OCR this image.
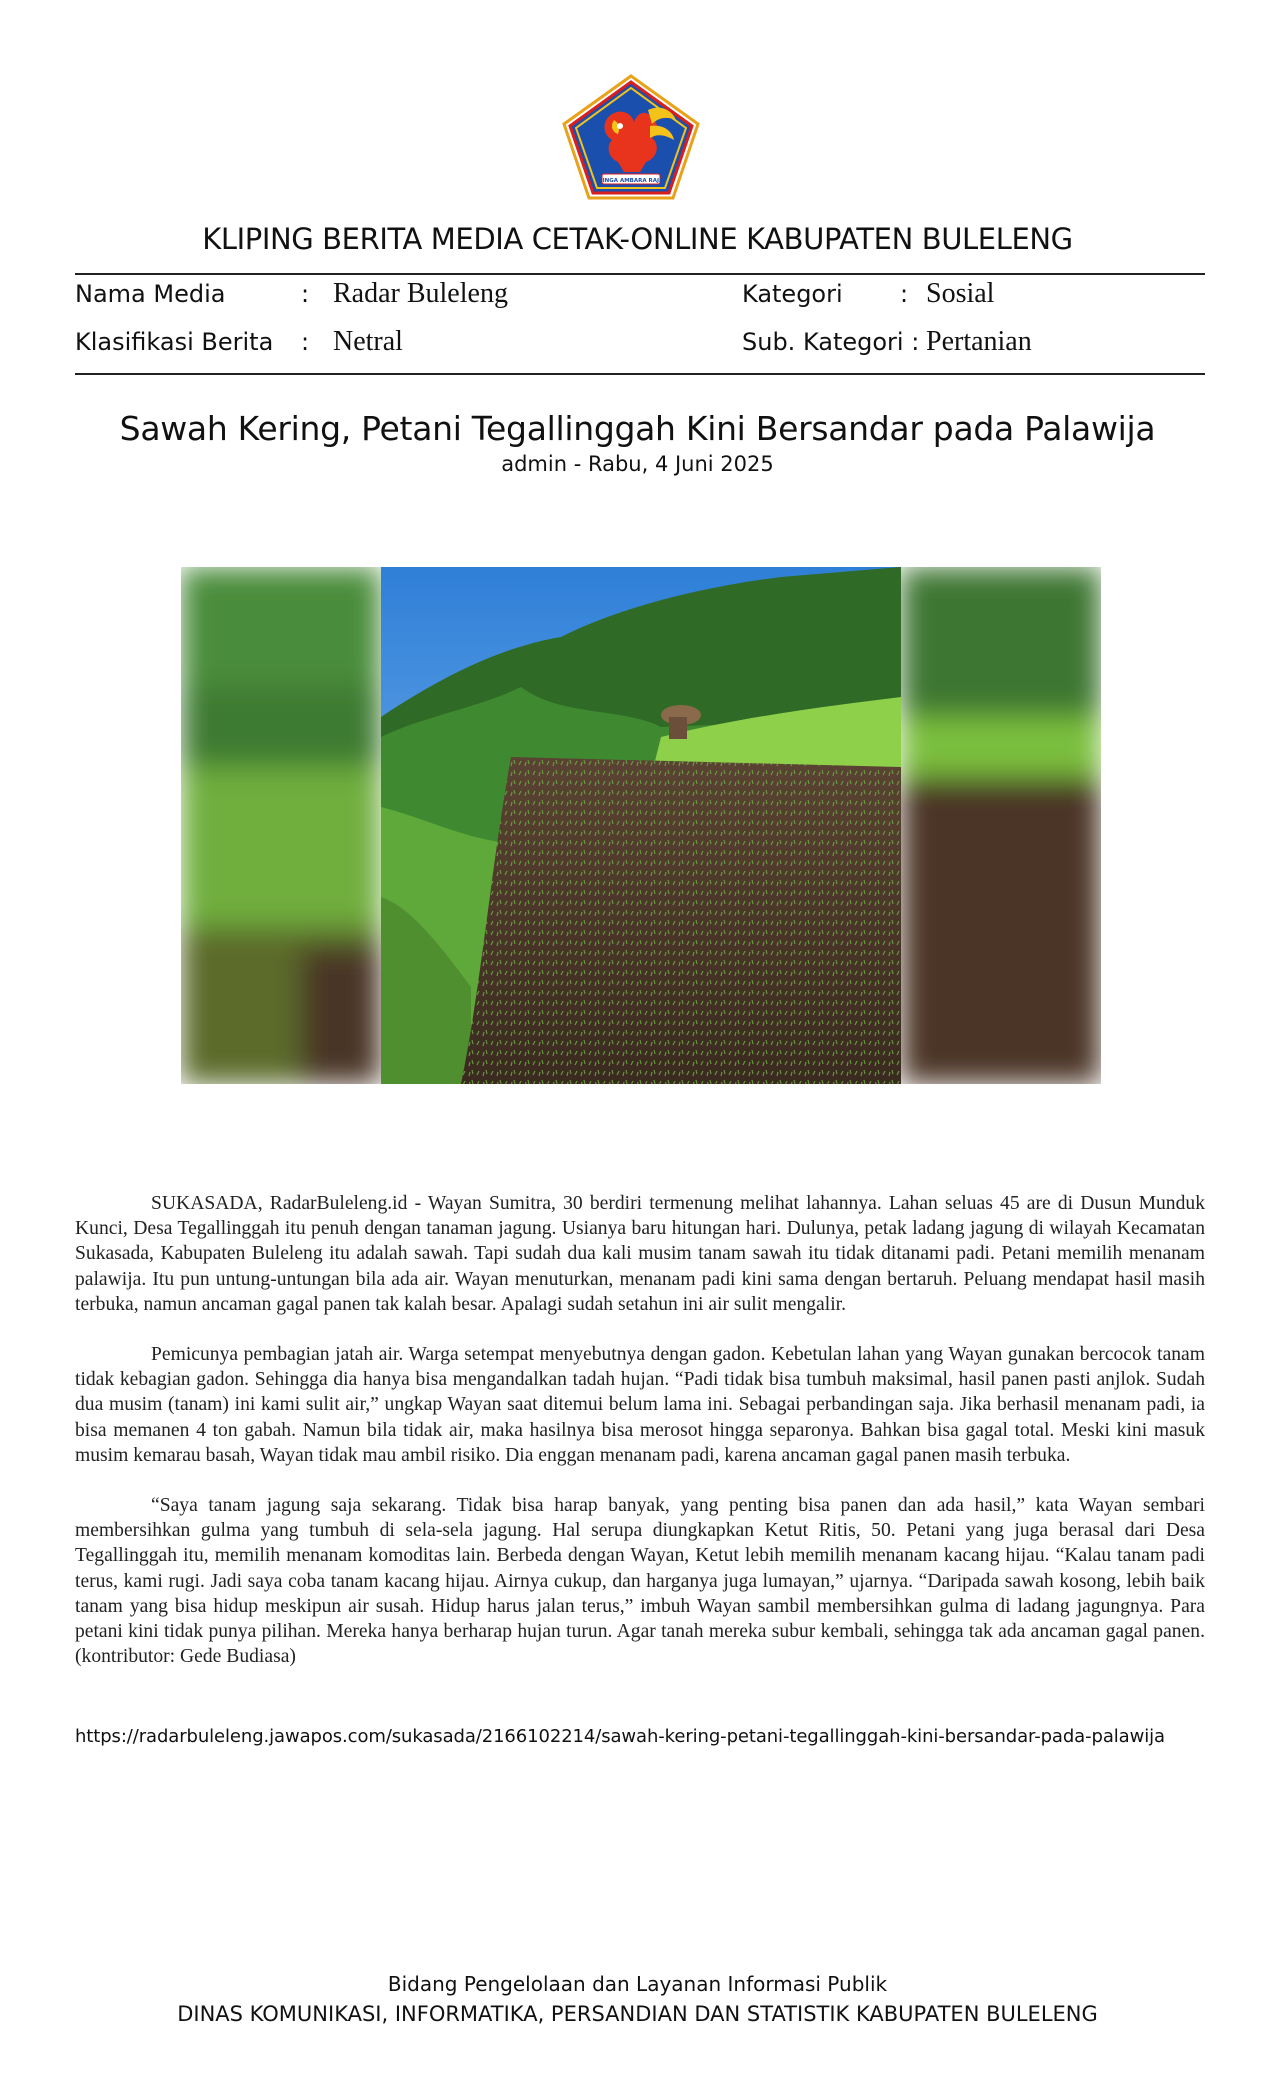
SINGA AMBARA RAJA
KLIPING BERITA MEDIA CETAK-ONLINE KABUPATEN BULELENG
Nama Media	: Radar Buleleng	Kategori : Sosial
Klasifikasi Berita : Netral	Sub. Kategori : Pertanian
Sawah Kering, Petani Tegallinggah Kini Bersandar pada Palawija
admin - Rabu, 4 Juni 2025

SUKASADA, RadarBuleleng.id - Wayan Sumitra, 30 berdiri termenung melihat lahannya. Lahan seluas 45 are di Dusun Munduk Kunci, Desa Tegallinggah itu penuh dengan tanaman jagung. Usianya baru hitungan hari. Dulunya, petak ladang jagung di wilayah Kecamatan Sukasada, Kabupaten Buleleng itu adalah sawah. Tapi sudah dua kali musim tanam sawah itu tidak ditanami padi. Petani memilih menanam palawija. Itu pun untung-untungan bila ada air. Wayan menuturkan, menanam padi kini sama dengan bertaruh. Peluang mendapat hasil masih terbuka, namun ancaman gagal panen tak kalah besar. Apalagi sudah setahun ini air sulit mengalir.

Pemicunya pembagian jatah air. Warga setempat menyebutnya dengan gadon. Kebetulan lahan yang Wayan gunakan bercocok tanam tidak kebagian gadon. Sehingga dia hanya bisa mengandalkan tadah hujan. “Padi tidak bisa tumbuh maksimal, hasil panen pasti anjlok. Sudah dua musim (tanam) ini kami sulit air,” ungkap Wayan saat ditemui belum lama ini. Sebagai perbandingan saja. Jika berhasil menanam padi, ia bisa memanen 4 ton gabah. Namun bila tidak air, maka hasilnya bisa merosot hingga separonya. Bahkan bisa gagal total. Meski kini masuk musim kemarau basah, Wayan tidak mau ambil risiko. Dia enggan menanam padi, karena ancaman gagal panen masih terbuka.

“Saya tanam jagung saja sekarang. Tidak bisa harap banyak, yang penting bisa panen dan ada hasil,” kata Wayan sembari membersihkan gulma yang tumbuh di sela-sela jagung. Hal serupa diungkapkan Ketut Ritis, 50. Petani yang juga berasal dari Desa Tegallinggah itu, memilih menanam komoditas lain. Berbeda dengan Wayan, Ketut lebih memilih menanam kacang hijau. “Kalau tanam padi terus, kami rugi. Jadi saya coba tanam kacang hijau. Airnya cukup, dan harganya juga lumayan,” ujarnya. “Daripada sawah kosong, lebih baik tanam yang bisa hidup meskipun air susah. Hidup harus jalan terus,” imbuh Wayan sambil membersihkan gulma di ladang jagungnya. Para petani kini tidak punya pilihan. Mereka hanya berharap hujan turun. Agar tanah mereka subur kembali, sehingga tak ada ancaman gagal panen. (kontributor: Gede Budiasa)

https://radarbuleleng.jawapos.com/sukasada/2166102214/sawah-kering-petani-tegallinggah-kini-bersandar-pada-palawija
Bidang Pengelolaan dan Layanan Informasi Publik
DINAS KOMUNIKASI, INFORMATIKA, PERSANDIAN DAN STATISTIK KABUPATEN BULELENG
